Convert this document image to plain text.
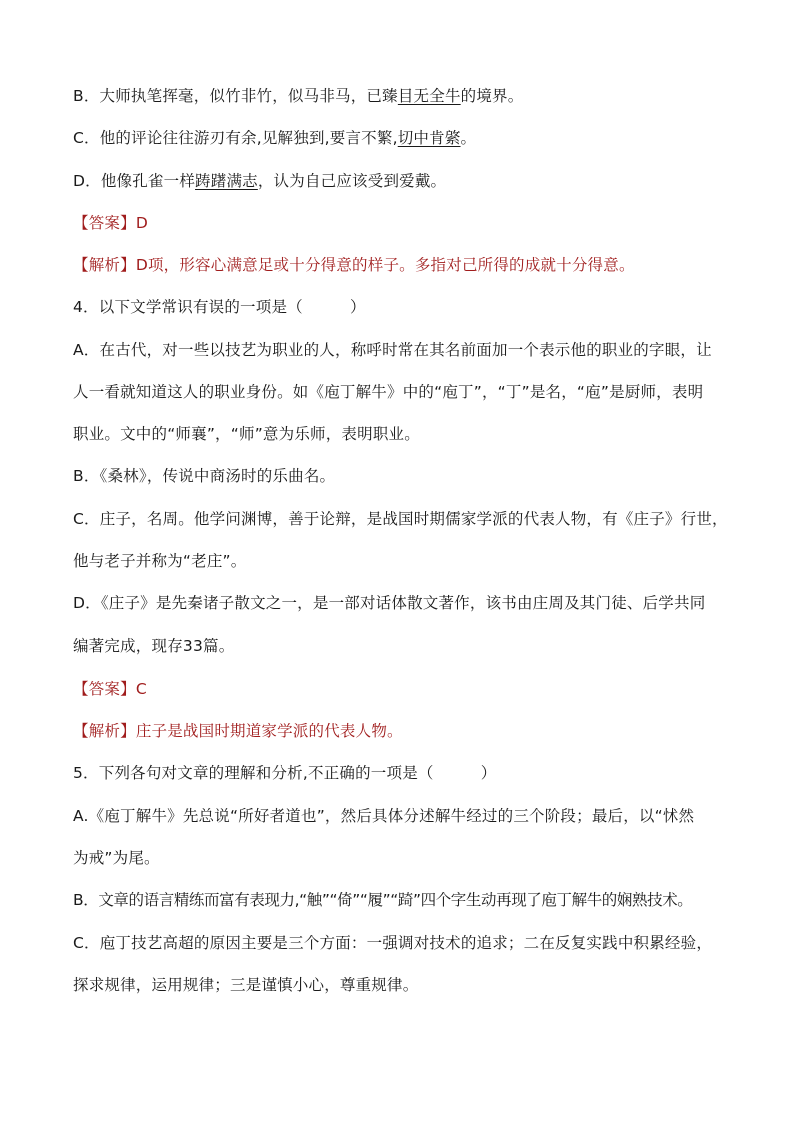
B．大师执笔挥毫，似竹非竹，似马非马，已臻目无全牛的境界。
C．他的评论往往游刃有余,见解独到,要言不繁,切中肯綮。
D．他像孔雀一样踌躇满志，认为自己应该受到爱戴。
【答案】D
【解析】D项，形容心满意足或十分得意的样子。多指对己所得的成就十分得意。
4．以下文学常识有误的一项是（　　　）
A．在古代，对一些以技艺为职业的人，称呼时常在其名前面加一个表示他的职业的字眼，让
人一看就知道这人的职业身份。如《庖丁解牛》中的“庖丁”，“丁”是名，“庖”是厨师，表明
职业。文中的“师襄”，“师”意为乐师，表明职业。
B．《桑林》，传说中商汤时的乐曲名。
C．庄子，名周。他学问渊博，善于论辩，是战国时期儒家学派的代表人物，有《庄子》行世，
他与老子并称为“老庄”。
D．《庄子》是先秦诸子散文之一，是一部对话体散文著作，该书由庄周及其门徒、后学共同
编著完成，现存33篇。
【答案】C
【解析】庄子是战国时期道家学派的代表人物。
5．下列各句对文章的理解和分析,不正确的一项是（　　　）
A.《庖丁解牛》先总说“所好者道也”，然后具体分述解牛经过的三个阶段；最后，以“怵然
为戒”为尾。
B．文章的语言精练而富有表现力,“触”“倚”“履”“踦”四个字生动再现了庖丁解牛的娴熟技术。
C．庖丁技艺高超的原因主要是三个方面：一强调对技术的追求；二在反复实践中积累经验，
探求规律，运用规律；三是谨慎小心，尊重规律。
